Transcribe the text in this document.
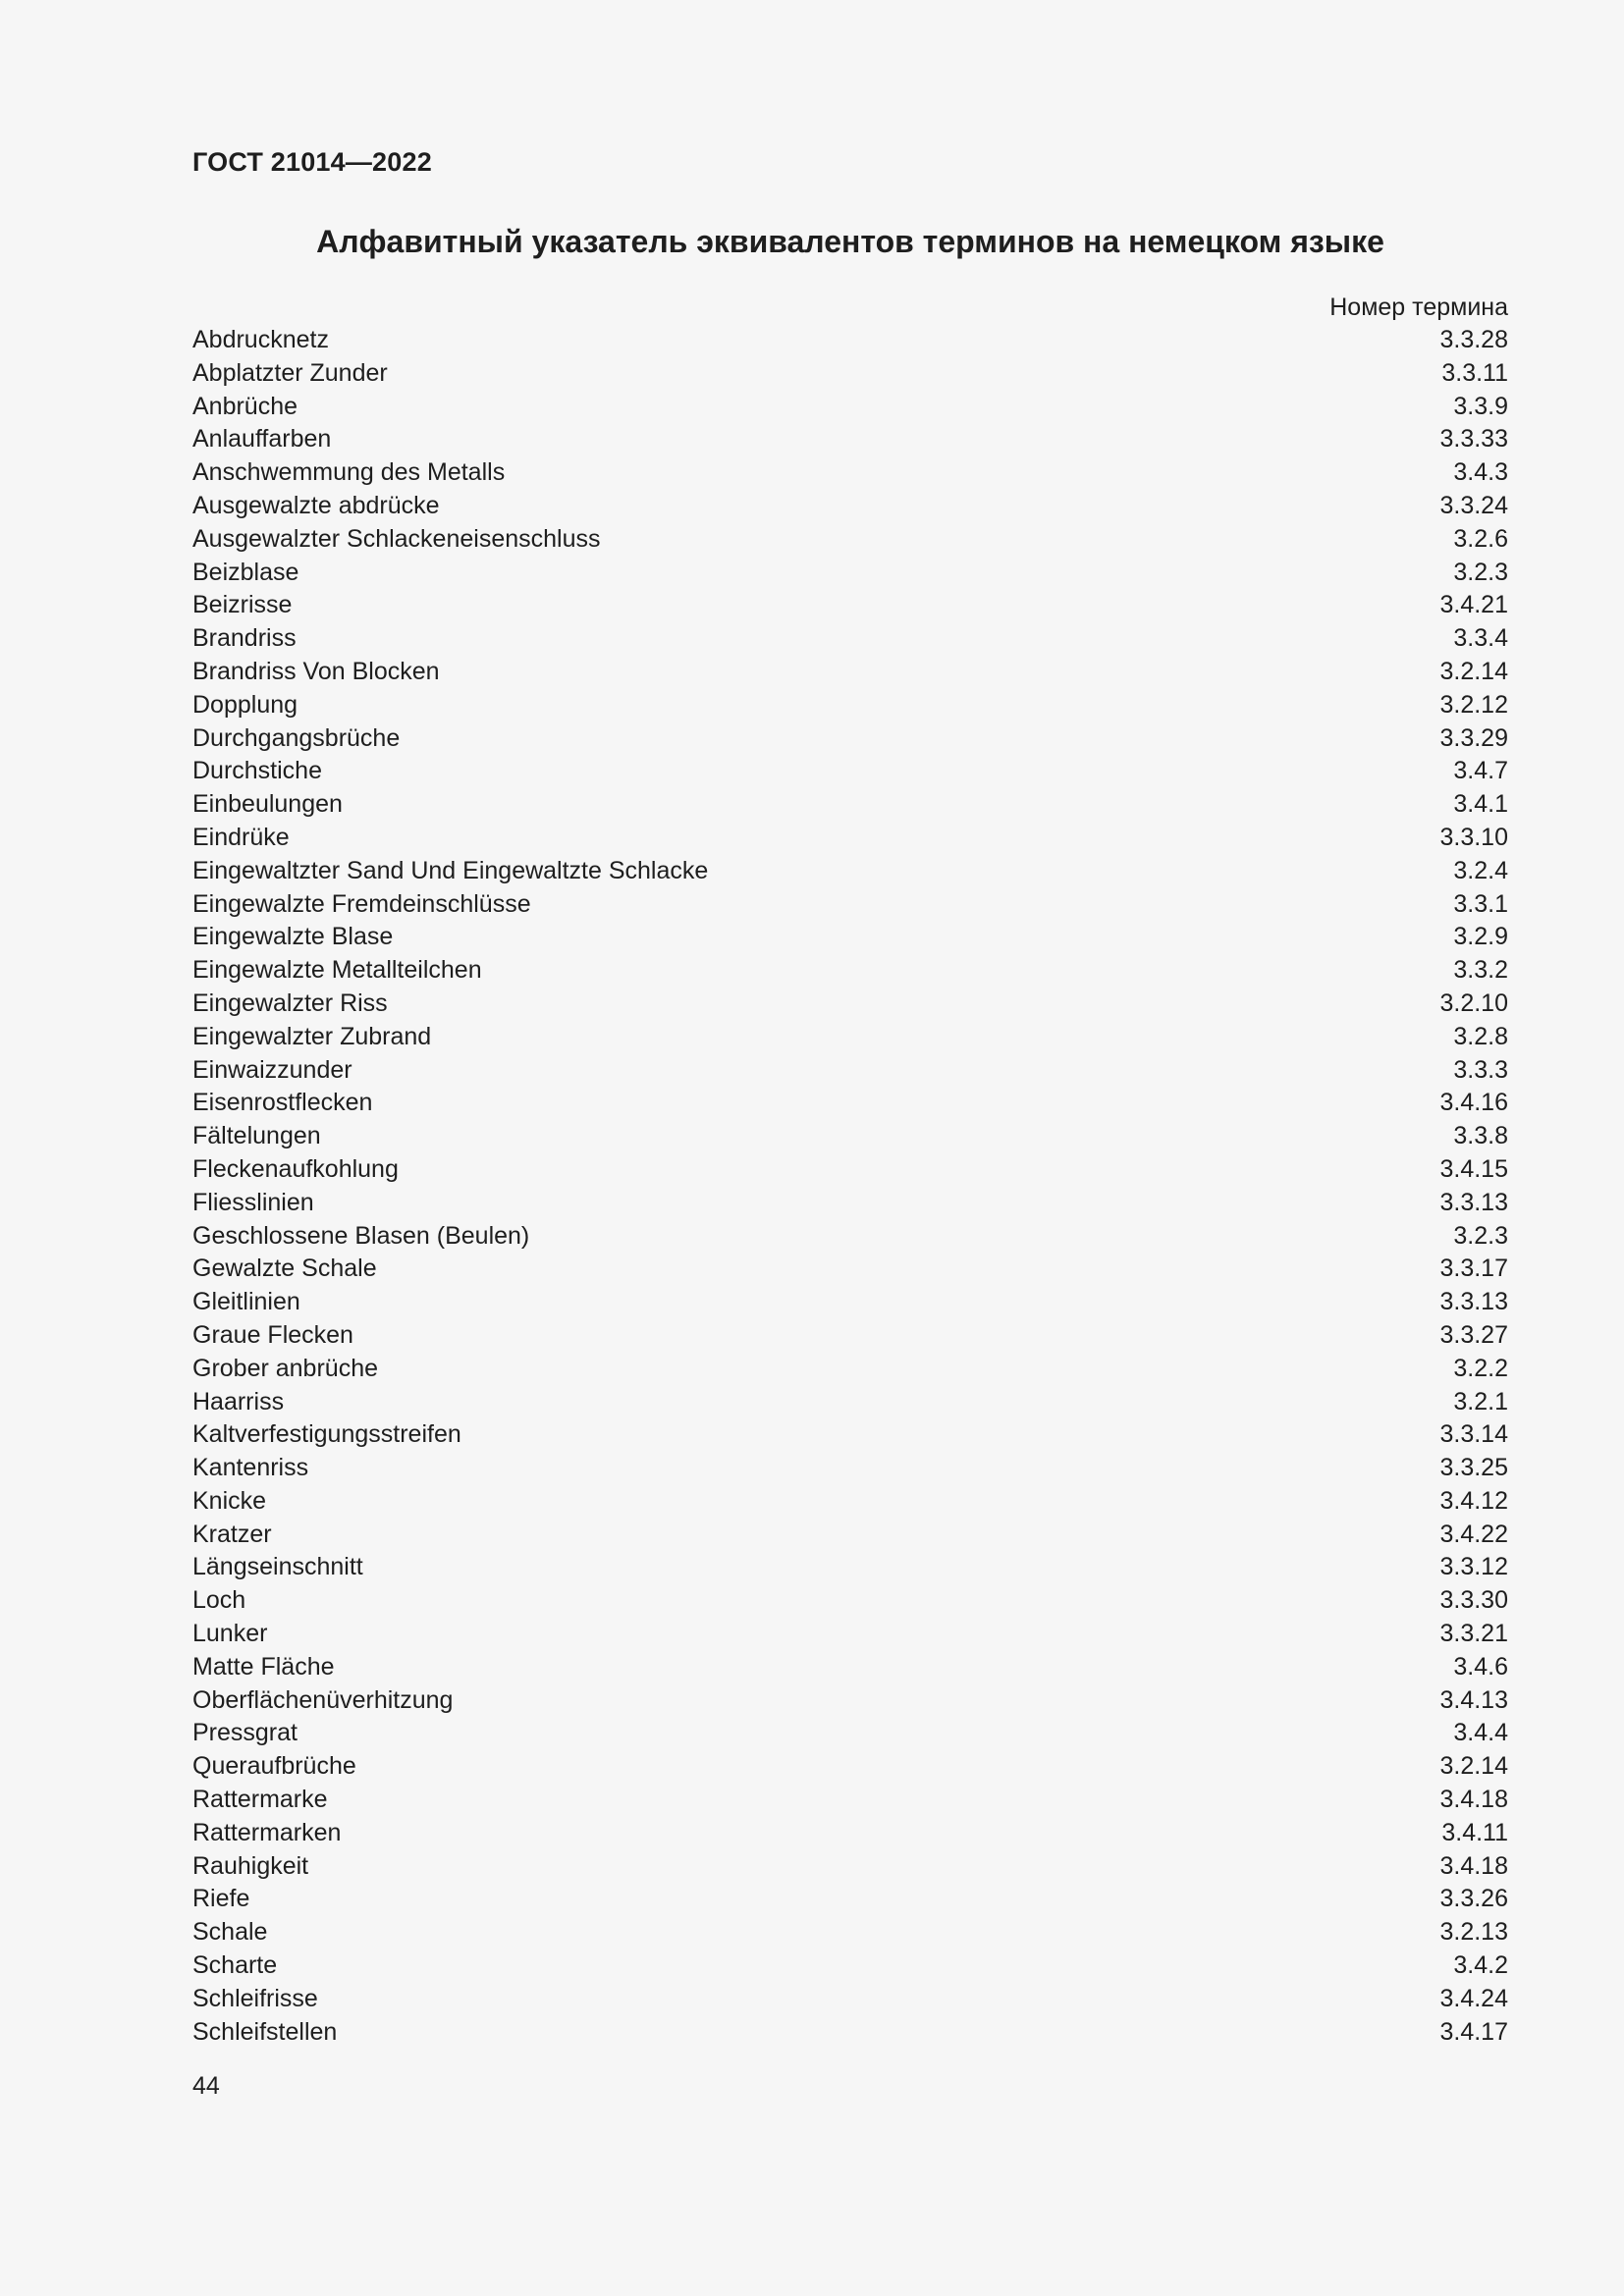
ГОСТ 21014—2022
Алфавитный указатель эквивалентов терминов на немецком языке
Номер термина
Abdrucknetz	3.3.28
Abplatzter Zunder	3.3.11
Anbrüche	3.3.9
Anlauffarben	3.3.33
Anschwemmung des Metalls	3.4.3
Ausgewalzte abdrücke	3.3.24
Ausgewalzter Schlackeneisenschluss	3.2.6
Beizblase	3.2.3
Beizrisse	3.4.21
Brandriss	3.3.4
Brandriss Von Blocken	3.2.14
Dopplung	3.2.12
Durchgangsbrüche	3.3.29
Durchstiche	3.4.7
Einbeulungen	3.4.1
Eindrüke	3.3.10
Eingewaltzter Sand Und Eingewaltzte Schlacke	3.2.4
Eingewalzte Fremdeinschlüsse	3.3.1
Eingewalzte Blase	3.2.9
Eingewalzte Metallteilchen	3.3.2
Eingewalzter Riss	3.2.10
Eingewalzter Zubrand	3.2.8
Einwaizzunder	3.3.3
Eisenrostflecken	3.4.16
Fältelungen	3.3.8
Fleckenaufkohlung	3.4.15
Fliesslinien	3.3.13
Geschlossene Blasen (Beulen)	3.2.3
Gewalzte Schale	3.3.17
Gleitlinien	3.3.13
Graue Flecken	3.3.27
Grober anbrüche	3.2.2
Haarriss	3.2.1
Kaltverfestigungsstreifen	3.3.14
Kantenriss	3.3.25
Knicke	3.4.12
Kratzer	3.4.22
Längseinschnitt	3.3.12
Loch	3.3.30
Lunker	3.3.21
Matte Fläche	3.4.6
Oberflächenüverhitzung	3.4.13
Pressgrat	3.4.4
Queraufbrüche	3.2.14
Rattermarke	3.4.18
Rattermarken	3.4.11
Rauhigkeit	3.4.18
Riefe	3.3.26
Schale	3.2.13
Scharte	3.4.2
Schleifrisse	3.4.24
Schleifstellen	3.4.17
44
